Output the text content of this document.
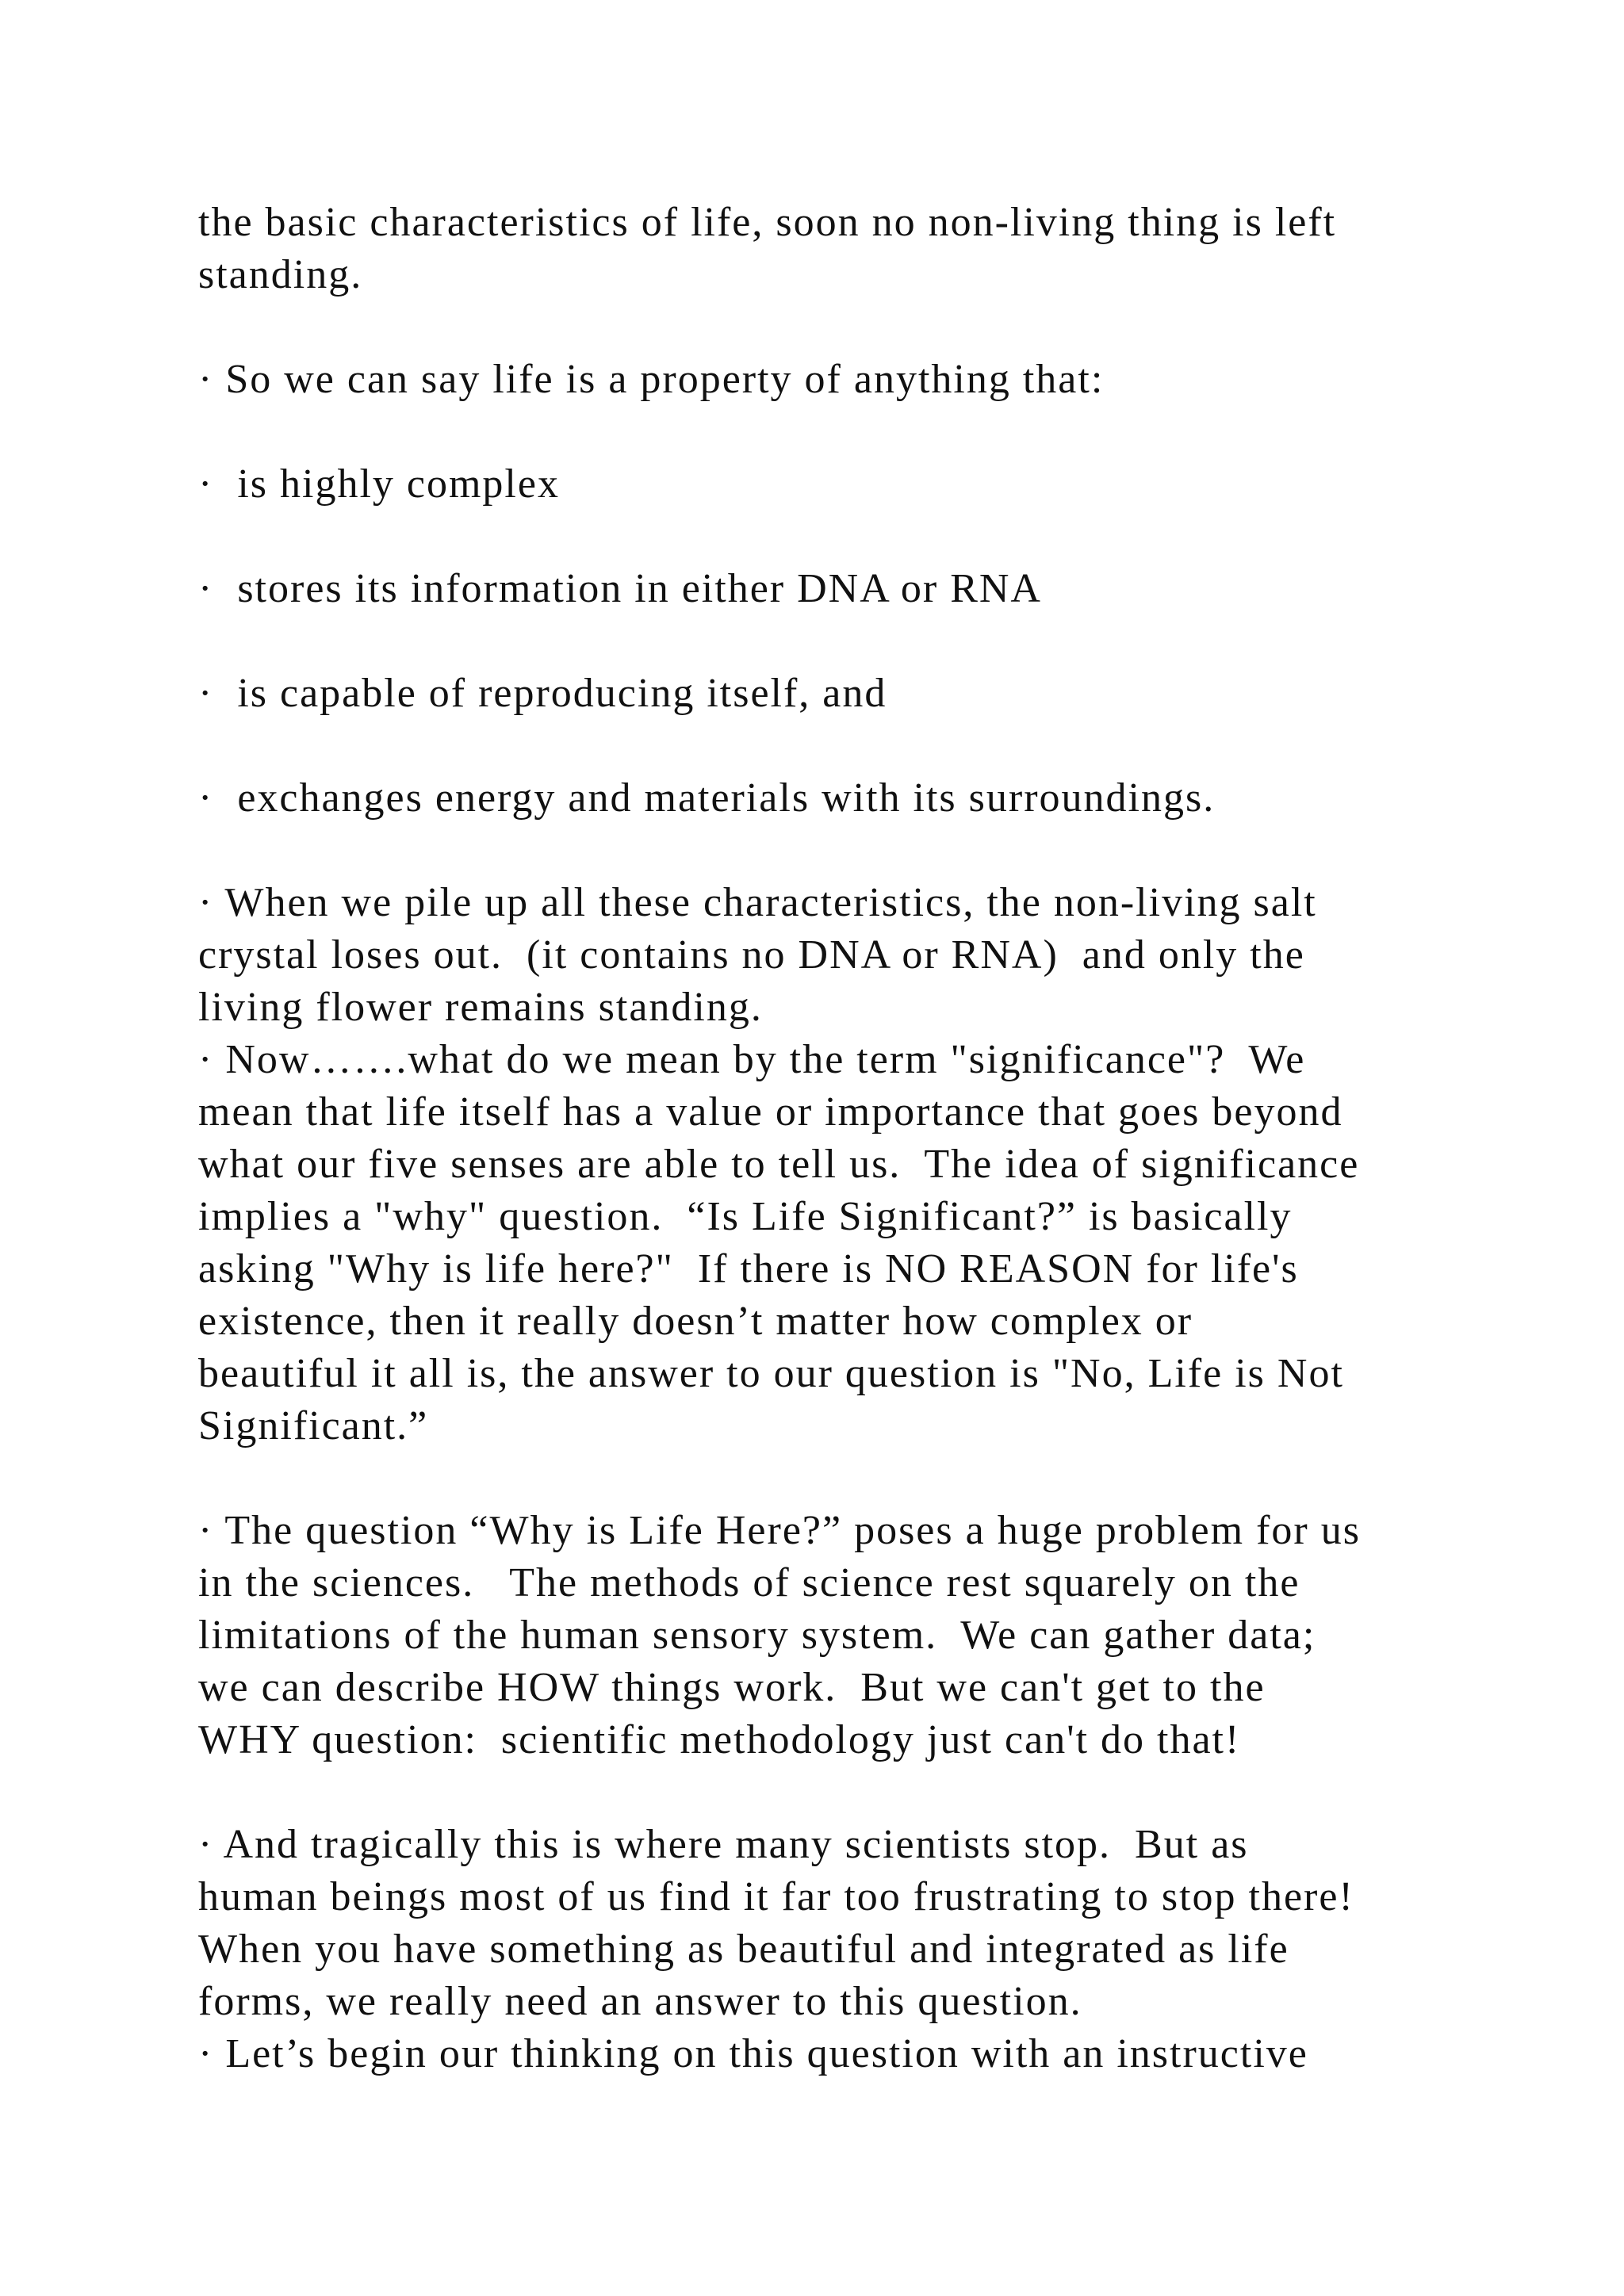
the basic characteristics of life, soon no non-living thing is left
standing.

· So we can say life is a property of anything that:

·  is highly complex

·  stores its information in either DNA or RNA

·  is capable of reproducing itself, and

·  exchanges energy and materials with its surroundings.

· When we pile up all these characteristics, the non-living salt
crystal loses out.  (it contains no DNA or RNA)  and only the
living flower remains standing.
· Now…….what do we mean by the term "significance"?  We
mean that life itself has a value or importance that goes beyond
what our five senses are able to tell us.  The idea of significance
implies a "why" question.  “Is Life Significant?” is basically
asking "Why is life here?"  If there is NO REASON for life's
existence, then it really doesn’t matter how complex or
beautiful it all is, the answer to our question is "No, Life is Not
Significant.”

· The question “Why is Life Here?” poses a huge problem for us
in the sciences.   The methods of science rest squarely on the
limitations of the human sensory system.  We can gather data;
we can describe HOW things work.  But we can't get to the
WHY question:  scientific methodology just can't do that!

· And tragically this is where many scientists stop.  But as
human beings most of us find it far too frustrating to stop there!
When you have something as beautiful and integrated as life
forms, we really need an answer to this question.
· Let’s begin our thinking on this question with an instructive
